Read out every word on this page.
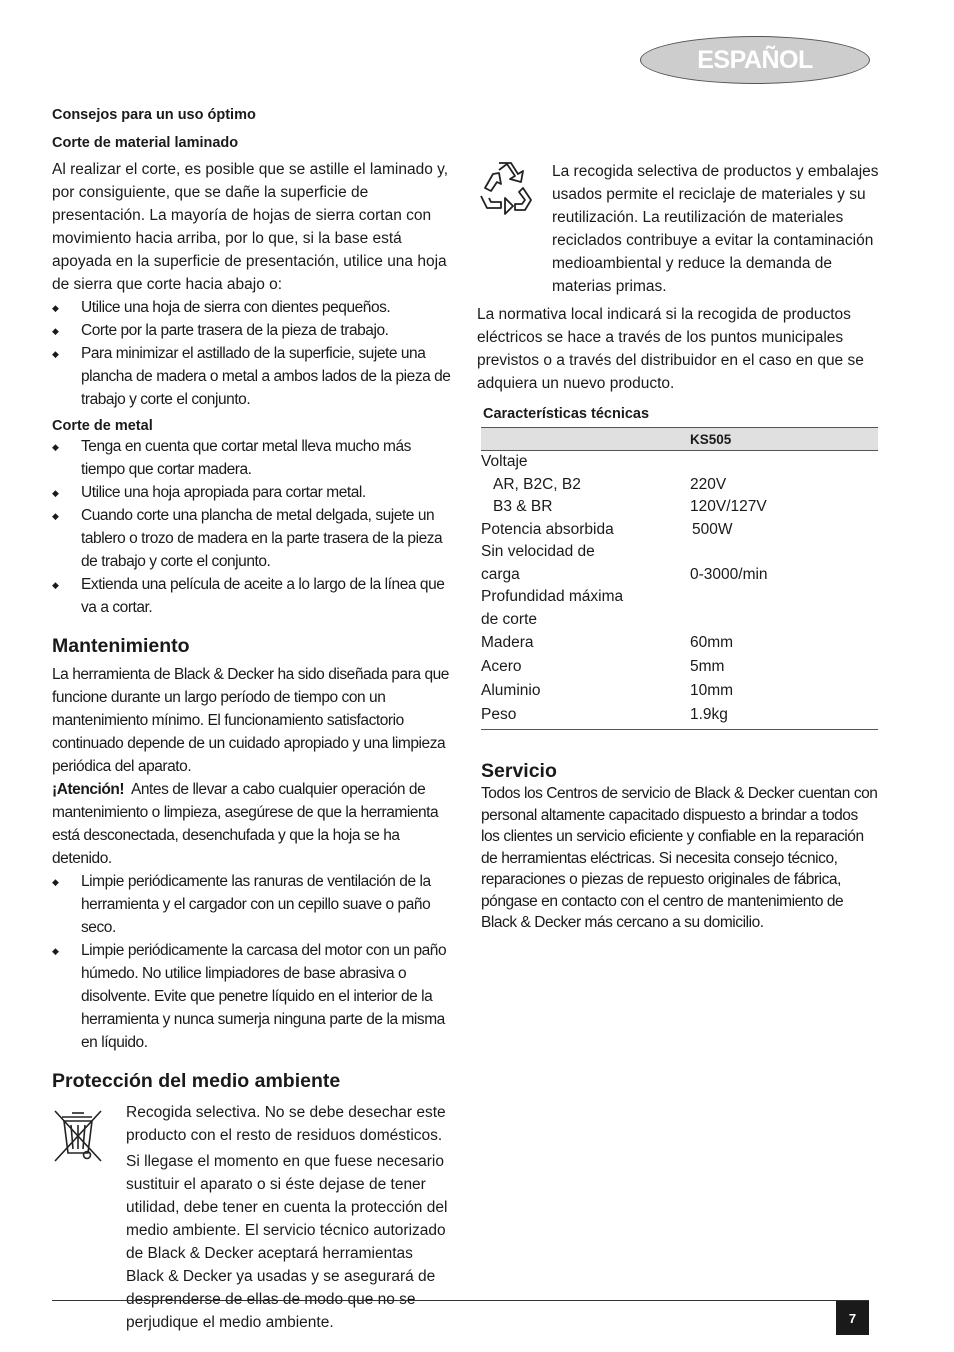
ESPAÑOL
Consejos para un uso óptimo
Corte de material laminado

Al realizar el corte, es posible que se astille el laminado y, por consiguiente, que se dañe la superficie de presentación. La mayoría de hojas de sierra cortan con movimiento hacia arriba, por lo que, si la base está apoyada en la superficie de presentación, utilice una hoja de sierra que corte hacia abajo o:

◆ Utilice una hoja de sierra con dientes pequeños.
◆ Corte por la parte trasera de la pieza de trabajo.
◆ Para minimizar el astillado de la superficie, sujete una plancha de madera o metal a ambos lados de la pieza de trabajo y corte el conjunto.
Corte de metal
◆ Tenga en cuenta que cortar metal lleva mucho más tiempo que cortar madera.
◆ Utilice una hoja apropiada para cortar metal.
◆ Cuando corte una plancha de metal delgada, sujete un tablero o trozo de madera en la parte trasera de la pieza de trabajo y corte el conjunto.
◆ Extienda una película de aceite a lo largo de la línea que va a cortar.
Mantenimiento

La herramienta de Black & Decker ha sido diseñada para que funcione durante un largo período de tiempo con un mantenimiento mínimo. El funcionamiento satisfactorio continuado depende de un cuidado apropiado y una limpieza periódica del aparato.

¡Atención! Antes de llevar a cabo cualquier operación de mantenimiento o limpieza, asegúrese de que la herramienta está desconectada, desenchufada y que la hoja se ha detenido.

◆ Limpie periódicamente las ranuras de ventilación de la herramienta y el cargador con un cepillo suave o paño seco.
◆ Limpie periódicamente la carcasa del motor con un paño húmedo. No utilice limpiadores de base abrasiva o disolvente. Evite que penetre líquido en el interior de la herramienta y nunca sumerja ninguna parte de la misma en líquido.
Protección del medio ambiente

Recogida selectiva. No se debe desechar este producto con el resto de residuos domésticos.

Si llegase el momento en que fuese necesario sustituir el aparato o si éste dejase de tener utilidad, debe tener en cuenta la protección del medio ambiente. El servicio técnico autorizado de Black & Decker aceptará herramientas Black & Decker ya usadas y se asegurará de desprenderse de ellas de modo que no se perjudique el medio ambiente.

La recogida selectiva de productos y embalajes usados permite el reciclaje de materiales y su reutilización. La reutilización de materiales reciclados contribuye a evitar la contaminación medioambiental y reduce la demanda de materias primas.

La normativa local indicará si la recogida de productos eléctricos se hace a través de los puntos municipales previstos o a través del distribuidor en el caso en que se adquiera un nuevo producto.

Características técnicas
	KS505
Voltaje	
AR, B2C, B2	220V
B3 & BR	120V/127V
Potencia absorbida	500W
Sin velocidad de	
carga	0-3000/min
Profundidad máxima	
de corte	
Madera	60mm
Acero	5mm
Aluminio	10mm
Peso	1.9kg
Servicio

Todos los Centros de servicio de Black & Decker cuentan con personal altamente capacitado dispuesto a brindar a todos los clientes un servicio eficiente y confiable en la reparación de herramientas eléctricas. Si necesita consejo técnico, reparaciones o piezas de repuesto originales de fábrica, póngase en contacto con el centro de mantenimiento de Black & Decker más cercano a su domicilio.

7
